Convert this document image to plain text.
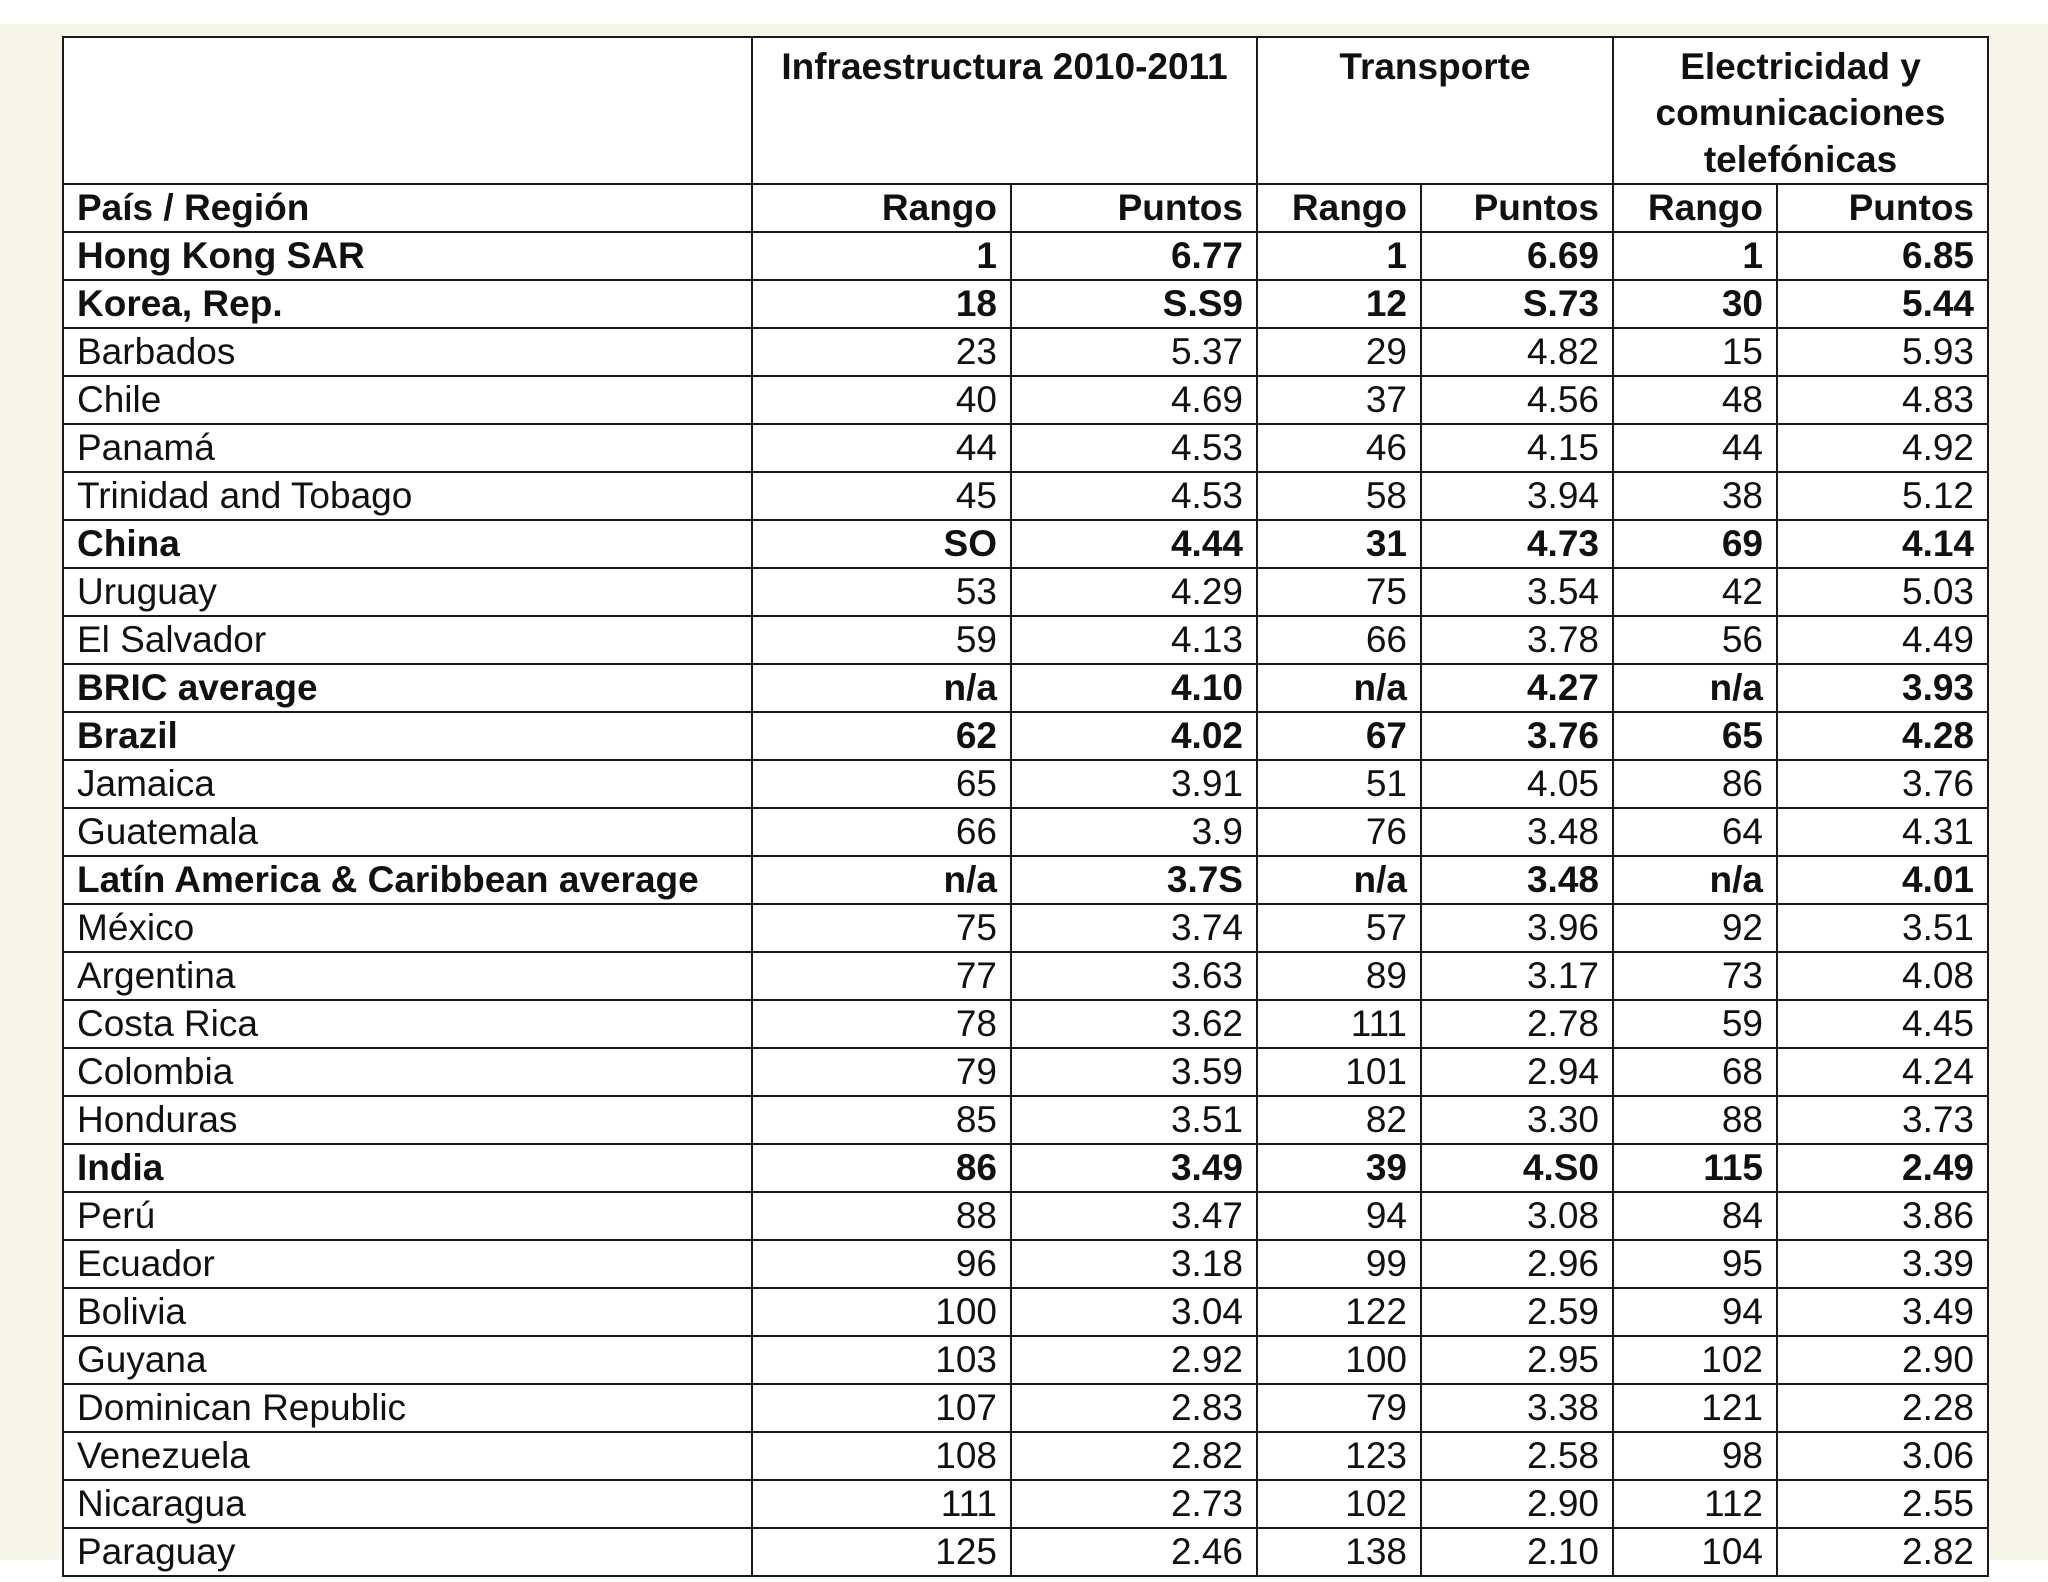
	Infraestructura 2010-2011		Transporte		Electricidad y comunicaciones telefónicas	
País / Región	Rango	Puntos	Rango	Puntos	Rango	Puntos
Hong Kong SAR	1	6.77	1	6.69	1	6.85
Korea, Rep.	18	S.S9	12	S.73	30	5.44
Barbados	23	5.37	29	4.82	15	5.93
Chile	40	4.69	37	4.56	48	4.83
Panamá	44	4.53	46	4.15	44	4.92
Trinidad and Tobago	45	4.53	58	3.94	38	5.12
China	SO	4.44	31	4.73	69	4.14
Uruguay	53	4.29	75	3.54	42	5.03
El Salvador	59	4.13	66	3.78	56	4.49
BRIC average	n/a	4.10	n/a	4.27	n/a	3.93
Brazil	62	4.02	67	3.76	65	4.28
Jamaica	65	3.91	51	4.05	86	3.76
Guatemala	66	3.9	76	3.48	64	4.31
Latín America & Caribbean average	n/a	3.7S	n/a	3.48	n/a	4.01
México	75	3.74	57	3.96	92	3.51
Argentina	77	3.63	89	3.17	73	4.08
Costa Rica	78	3.62	111	2.78	59	4.45
Colombia	79	3.59	101	2.94	68	4.24
Honduras	85	3.51	82	3.30	88	3.73
India	86	3.49	39	4.S0	115	2.49
Perú	88	3.47	94	3.08	84	3.86
Ecuador	96	3.18	99	2.96	95	3.39
Bolivia	100	3.04	122	2.59	94	3.49
Guyana	103	2.92	100	2.95	102	2.90
Dominican Republic	107	2.83	79	3.38	121	2.28
Venezuela	108	2.82	123	2.58	98	3.06
Nicaragua	111	2.73	102	2.90	112	2.55
Paraguay	125	2.46	138	2.10	104	2.82
